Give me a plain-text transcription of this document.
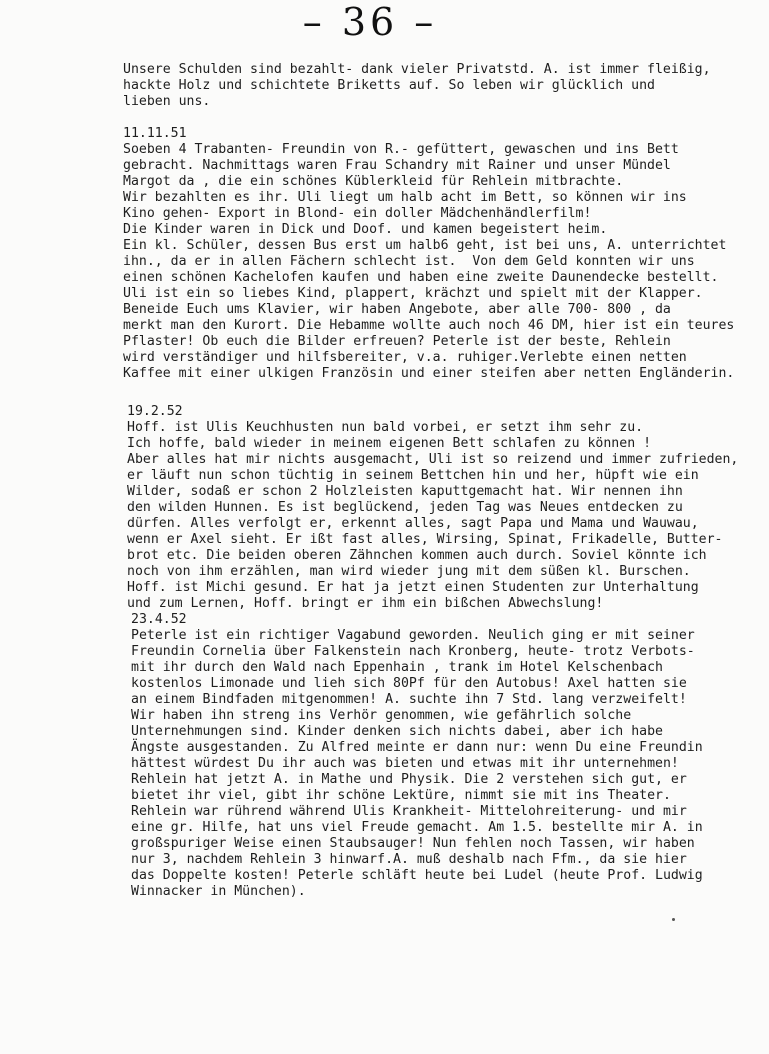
– 36 –
Unsere Schulden sind bezahlt- dank vieler Privatstd. A. ist immer fleißig,
hackte Holz und schichtete Briketts auf. So leben wir glücklich und
lieben uns.
11.11.51
Soeben 4 Trabanten- Freundin von R.- gefüttert, gewaschen und ins Bett
gebracht. Nachmittags waren Frau Schandry mit Rainer und unser Mündel
Margot da , die ein schönes Küblerkleid für Rehlein mitbrachte.
Wir bezahlten es ihr. Uli liegt um halb acht im Bett, so können wir ins
Kino gehen- Export in Blond- ein doller Mädchenhändlerfilm!
Die Kinder waren in Dick und Doof. und kamen begeistert heim.
Ein kl. Schüler, dessen Bus erst um halb6 geht, ist bei uns, A. unterrichtet
ihn., da er in allen Fächern schlecht ist.  Von dem Geld konnten wir uns
einen schönen Kachelofen kaufen und haben eine zweite Daunendecke bestellt.
Uli ist ein so liebes Kind, plappert, krächzt und spielt mit der Klapper.
Beneide Euch ums Klavier, wir haben Angebote, aber alle 700- 800 , da
merkt man den Kurort. Die Hebamme wollte auch noch 46 DM, hier ist ein teures
Pflaster! Ob euch die Bilder erfreuen? Peterle ist der beste, Rehlein
wird verständiger und hilfsbereiter, v.a. ruhiger.Verlebte einen netten
Kaffee mit einer ulkigen Französin und einer steifen aber netten Engländerin.
19.2.52
Hoff. ist Ulis Keuchhusten nun bald vorbei, er setzt ihm sehr zu.
Ich hoffe, bald wieder in meinem eigenen Bett schlafen zu können !
Aber alles hat mir nichts ausgemacht, Uli ist so reizend und immer zufrieden,
er läuft nun schon tüchtig in seinem Bettchen hin und her, hüpft wie ein
Wilder, sodaß er schon 2 Holzleisten kaputtgemacht hat. Wir nennen ihn
den wilden Hunnen. Es ist beglückend, jeden Tag was Neues entdecken zu
dürfen. Alles verfolgt er, erkennt alles, sagt Papa und Mama und Wauwau,
wenn er Axel sieht. Er ißt fast alles, Wirsing, Spinat, Frikadelle, Butter-
brot etc. Die beiden oberen Zähnchen kommen auch durch. Soviel könnte ich
noch von ihm erzählen, man wird wieder jung mit dem süßen kl. Burschen.
Hoff. ist Michi gesund. Er hat ja jetzt einen Studenten zur Unterhaltung
und zum Lernen, Hoff. bringt er ihm ein bißchen Abwechslung!
23.4.52
Peterle ist ein richtiger Vagabund geworden. Neulich ging er mit seiner
Freundin Cornelia über Falkenstein nach Kronberg, heute- trotz Verbots-
mit ihr durch den Wald nach Eppenhain , trank im Hotel Kelschenbach
kostenlos Limonade und lieh sich 80Pf für den Autobus! Axel hatten sie
an einem Bindfaden mitgenommen! A. suchte ihn 7 Std. lang verzweifelt!
Wir haben ihn streng ins Verhör genommen, wie gefährlich solche
Unternehmungen sind. Kinder denken sich nichts dabei, aber ich habe
Ängste ausgestanden. Zu Alfred meinte er dann nur: wenn Du eine Freundin
hättest würdest Du ihr auch was bieten und etwas mit ihr unternehmen!
Rehlein hat jetzt A. in Mathe und Physik. Die 2 verstehen sich gut, er
bietet ihr viel, gibt ihr schöne Lektüre, nimmt sie mit ins Theater.
Rehlein war rührend während Ulis Krankheit- Mittelohreiterung- und mir
eine gr. Hilfe, hat uns viel Freude gemacht. Am 1.5. bestellte mir A. in
großspuriger Weise einen Staubsauger! Nun fehlen noch Tassen, wir haben
nur 3, nachdem Rehlein 3 hinwarf.A. muß deshalb nach Ffm., da sie hier
das Doppelte kosten! Peterle schläft heute bei Ludel (heute Prof. Ludwig
Winnacker in München).
